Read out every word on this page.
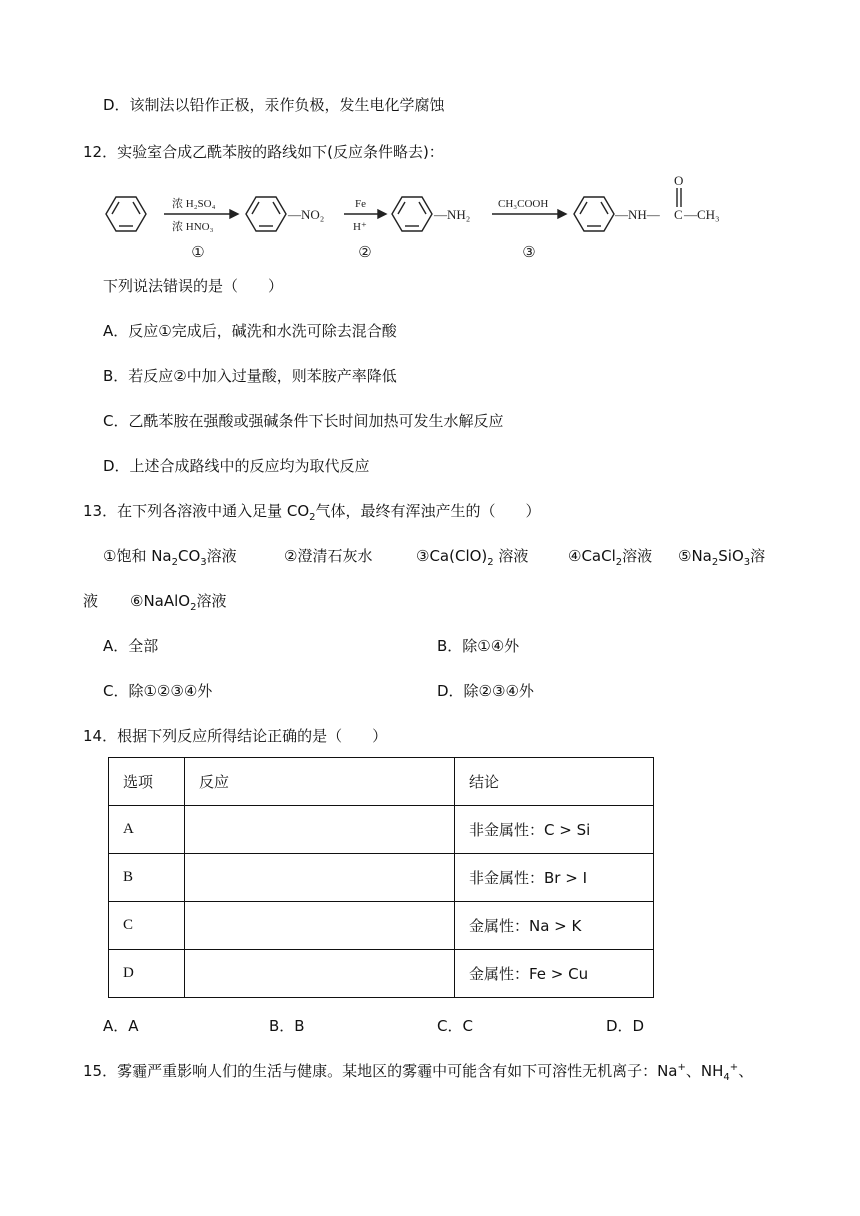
D．该制法以铅作正极，汞作负极，发生电化学腐蚀
12．实验室合成乙酰苯胺的路线如下(反应条件略去)：
浓 H₂SO₄
浓 HNO₃
①
—NO₂
Fe
H⁺
②
—NH₂
CH₃COOH
③
—NH—
O
C —CH₃
下列说法错误的是（　　）
A．反应①完成后，碱洗和水洗可除去混合酸
B．若反应②中加入过量酸，则苯胺产率降低
C．乙酰苯胺在强酸或强碱条件下长时间加热可发生水解反应
D．上述合成路线中的反应均为取代反应
13．在下列各溶液中通入足量 $CO_2$气体，最终有浑浊产生的（　　）
①饱和 $Na_2CO_3$溶液	②澄清石灰水	$③Ca(ClO)_2$ 溶液	④CaCl$_2$溶液 $⑤Na_2SiO_3$溶
液 ⑥NaAlO$_2$溶液
A．全部	B．除①④外
C．除①②③④外	D．除②③④外
14．根据下列反应所得结论正确的是（　　）
选项	反应	结论
A		非金属性：C > Si
B		非金属性：Br > I
C		金属性：Na > K
D		金属性：Fe > Cu
A．A	B．B	C．C	D．D
15．雾霾严重影响人们的生活与健康。某地区的雾霾中可能含有如下可溶性无机离子：Na+、$NH_4^+$、
